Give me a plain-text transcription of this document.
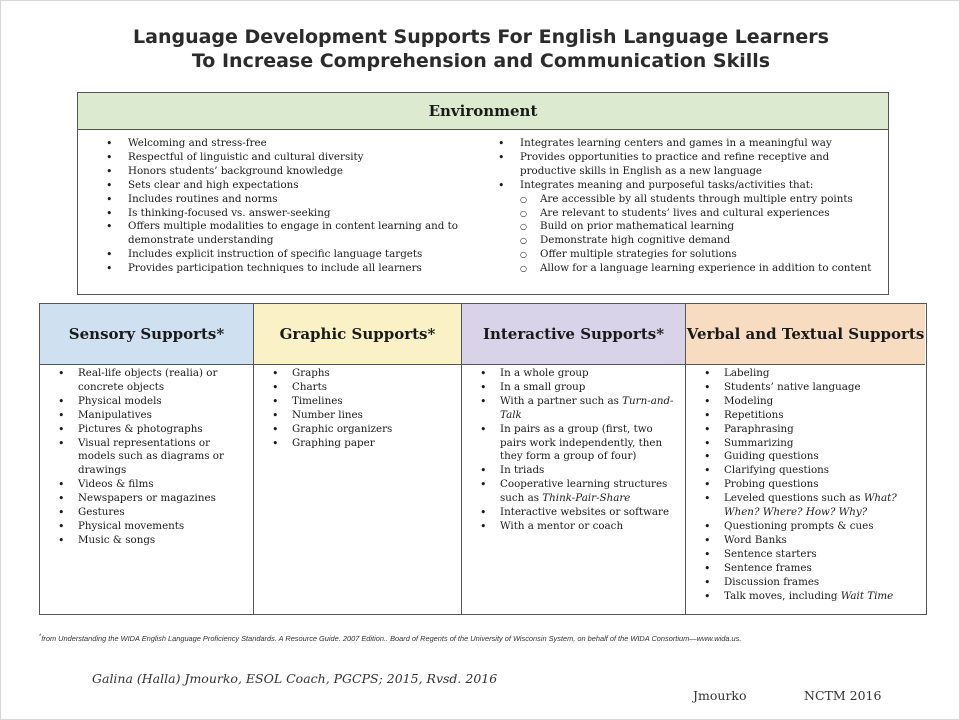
Language Development Supports For English Language Learners
To Increase Comprehension and Communication Skills
Environment
• Welcoming and stress-free
• Respectful of linguistic and cultural diversity
• Honors students’ background knowledge
• Sets clear and high expectations
• Includes routines and norms
• Is thinking-focused vs. answer-seeking
• Offers multiple modalities to engage in content learning and to demonstrate understanding
• Includes explicit instruction of specific language targets
• Provides participation techniques to include all learners
• Integrates learning centers and games in a meaningful way
• Provides opportunities to practice and refine receptive and productive skills in English as a new language
• Integrates meaning and purposeful tasks/activities that:
○ Are accessible by all students through multiple entry points
○ Are relevant to students’ lives and cultural experiences
○ Build on prior mathematical learning
○ Demonstrate high cognitive demand
○ Offer multiple strategies for solutions
○ Allow for a language learning experience in addition to content
Sensory Supports*
• Real-life objects (realia) or concrete objects
• Physical models
• Manipulatives
• Pictures & photographs
• Visual representations or models such as diagrams or drawings
• Videos & films
• Newspapers or magazines
• Gestures
• Physical movements
• Music & songs
Graphic Supports*
• Graphs
• Charts
• Timelines
• Number lines
• Graphic organizers
• Graphing paper
Interactive Supports*
• In a whole group
• In a small group
• With a partner such as Turn-and-Talk
• In pairs as a group (first, two pairs work independently, then they form a group of four)
• In triads
• Cooperative learning structures such as Think-Pair-Share
• Interactive websites or software
• With a mentor or coach
Verbal and Textual Supports
• Labeling
• Students’ native language
• Modeling
• Repetitions
• Paraphrasing
• Summarizing
• Guiding questions
• Clarifying questions
• Probing questions
• Leveled questions such as What? When? Where? How? Why?
• Questioning prompts & cues
• Word Banks
• Sentence starters
• Sentence frames
• Discussion frames
• Talk moves, including Wait Time
*from Understanding the WIDA English Language Proficiency Standards. A Resource Guide. 2007 Edition.. Board of Regents of the University of Wisconsin System, on behalf of the WIDA Consortium—www.wida.us.
Galina (Halla) Jmourko, ESOL Coach, PGCPS; 2015, Rvsd. 2016
Jmourko	NCTM 2016
